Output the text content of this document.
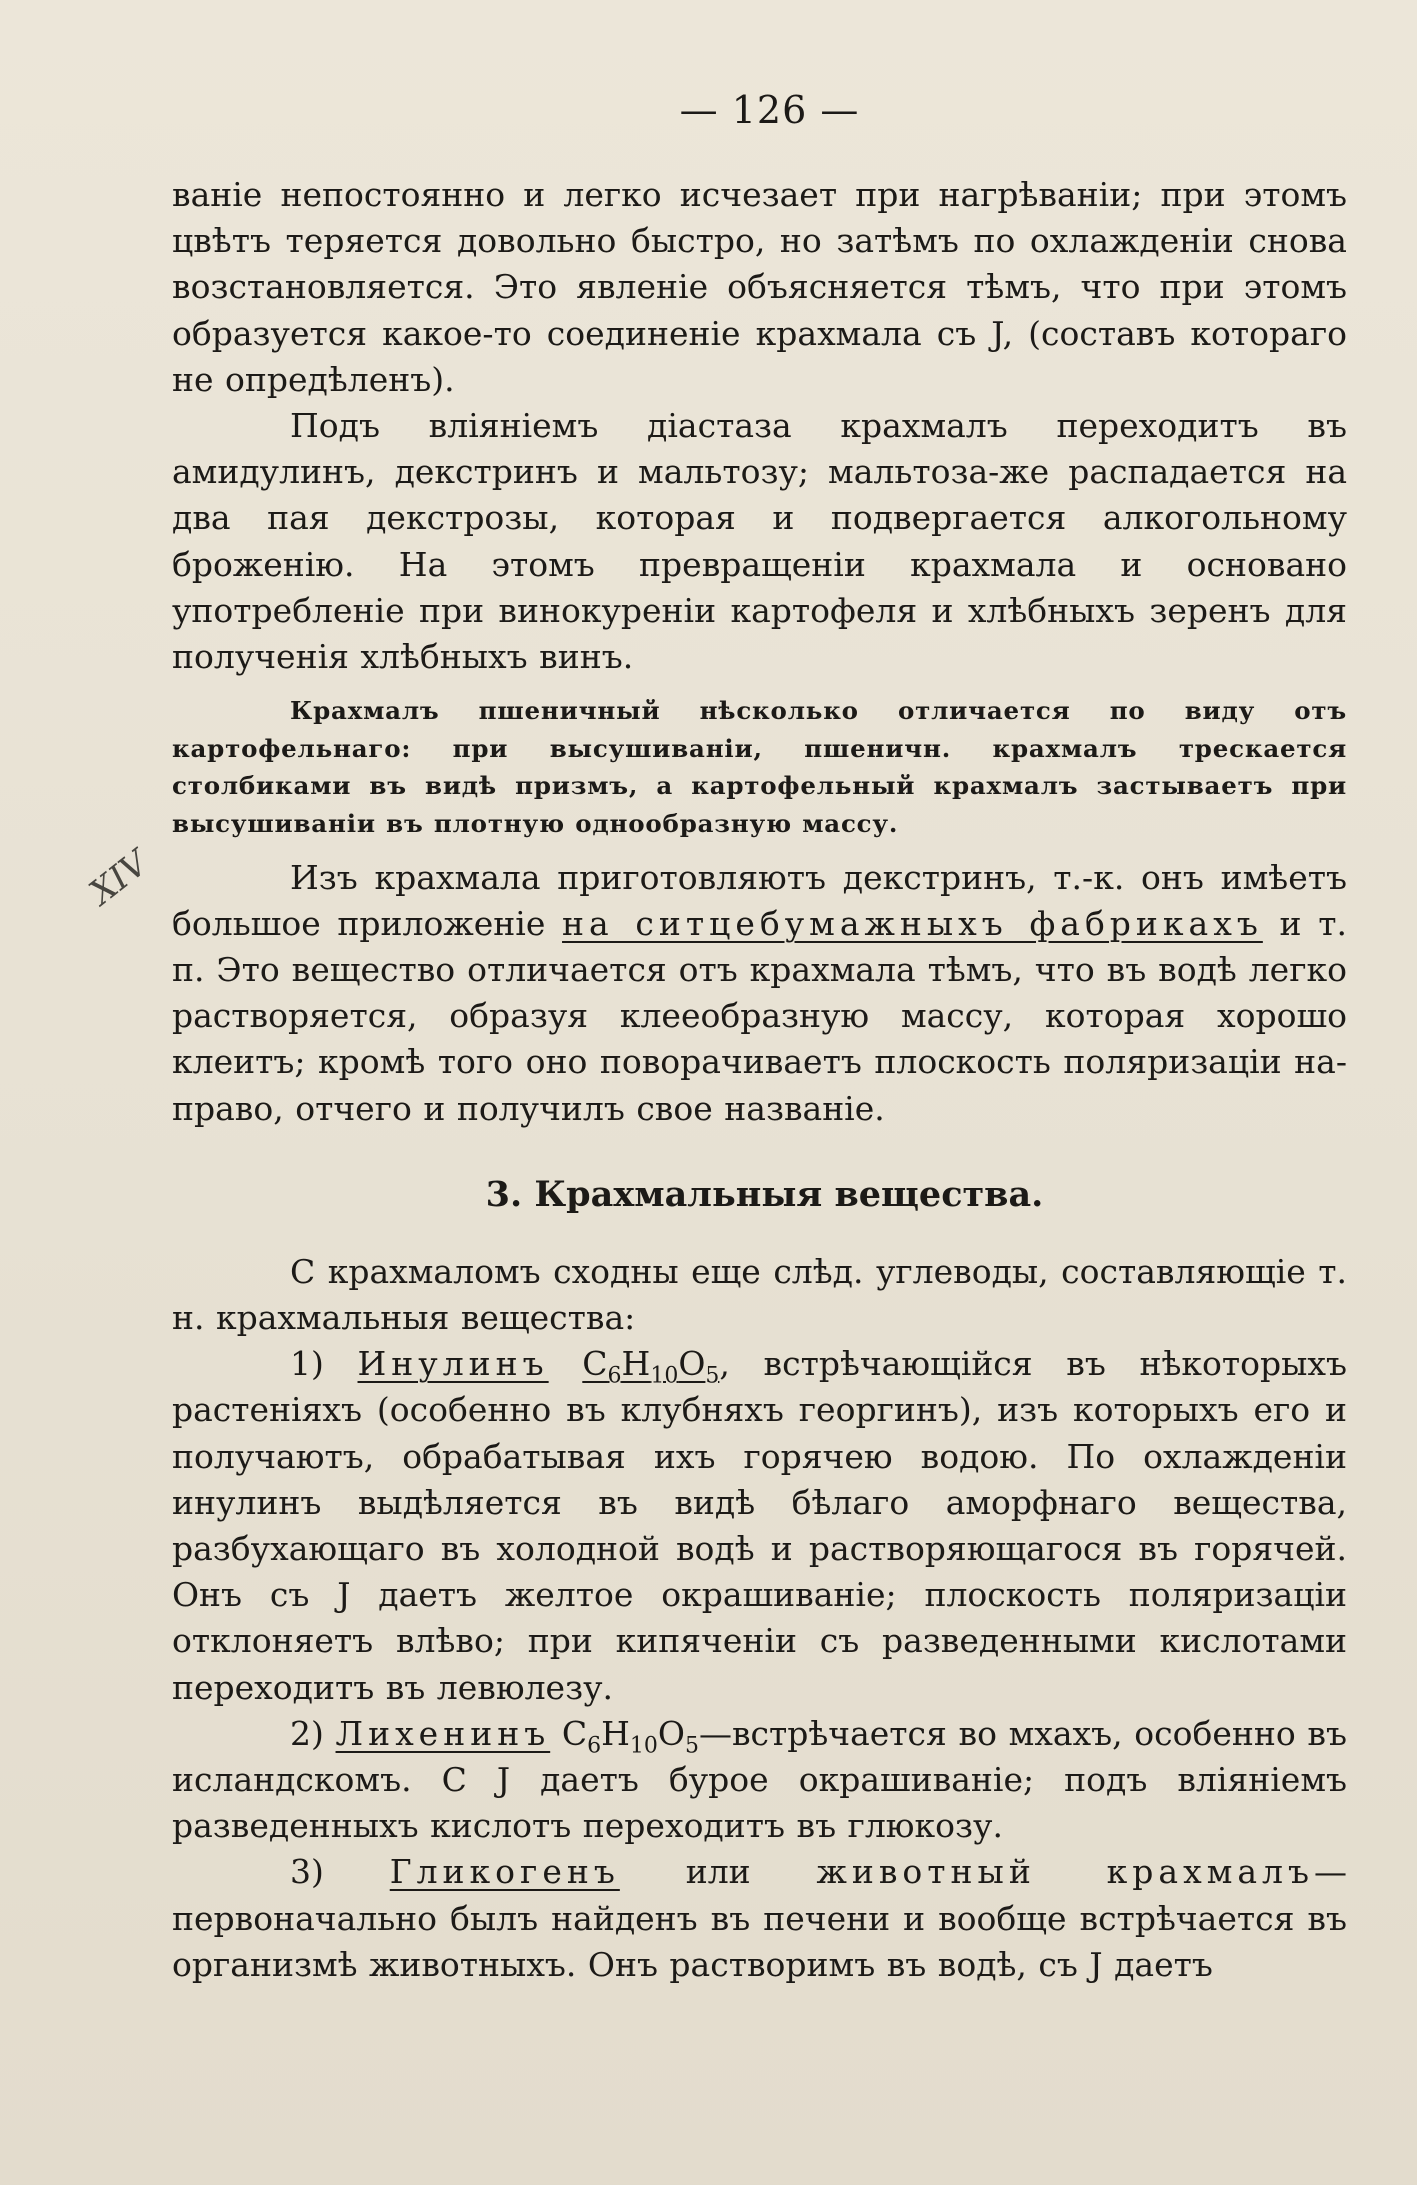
— 126 —
XIV

ваніе непостоянно и легко исчезает при нагрѣваніи; при этомъ цвѣтъ теряется довольно быстро, но затѣмъ по охлажденіи снова возстановляется. Это явленіе объясняется тѣмъ, что при этомъ образуется какое-то соединеніе крахмала съ J, (составъ котораго не опредѣленъ).

Подъ вліяніемъ діастаза крахмалъ переходитъ въ амидулинъ, декстринъ и мальтозу; мальтоза-же распадается на два пая декстрозы, которая и подвергается алкогольному броженію. На этомъ превращеніи крахмала и основано употребленіе при винокуреніи картофеля и хлѣбныхъ зеренъ для полученія хлѣбныхъ винъ.

Крахмалъ пшеничный нѣсколько отличается по виду отъ картофельнаго: при высушиваніи, пшеничн. крахмалъ трескается столбиками въ видѣ призмъ, а картофельный крахмалъ застываетъ при высушиваніи въ плотную однообразную массу.

Изъ крахмала приготовляютъ декстринъ, т.-к. онъ имѣетъ большое приложеніе на ситцебумажныхъ фабрикахъ и т. п. Это вещество отличается отъ крахмала тѣмъ, что въ водѣ легко растворяется, образуя клееобразную массу, которая хорошо клеитъ; кромѣ того оно поворачиваетъ плоскость поляризаціи на-право, отчего и получилъ свое названіе.

3. Крахмальныя вещества.

С крахмаломъ сходны еще слѣд. углеводы, составляющіе т. н. крахмальныя вещества:

1) Инулинъ $C_6H_{10}O_5$, встрѣчающійся въ нѣкоторыхъ растеніяхъ (особенно въ клубняхъ георгинъ), изъ которыхъ его и получаютъ, обрабатывая ихъ горячею водою. По охлажденіи инулинъ выдѣляется въ видѣ бѣлаго аморфнаго вещества, разбухающаго въ холодной водѣ и растворяющагося въ горячей. Онъ съ J даетъ желтое окрашиваніе; плоскость поляризаціи отклоняетъ влѣво; при кипяченіи съ разведенными кислотами переходитъ въ левюлезу.

2) Лихенинъ $C_6H_{10}O_5—встрѣчается$ во мхахъ, особенно въ исландскомъ. С J даетъ бурое окрашиваніе; подъ вліяніемъ разведенныхъ кислотъ переходитъ въ глюкозу.

3) Гликогенъ или животный крахмалъ—первоначально былъ найденъ въ печени и вообще встрѣчается въ организмѣ животныхъ. Онъ растворимъ въ водѣ, съ J даетъ
